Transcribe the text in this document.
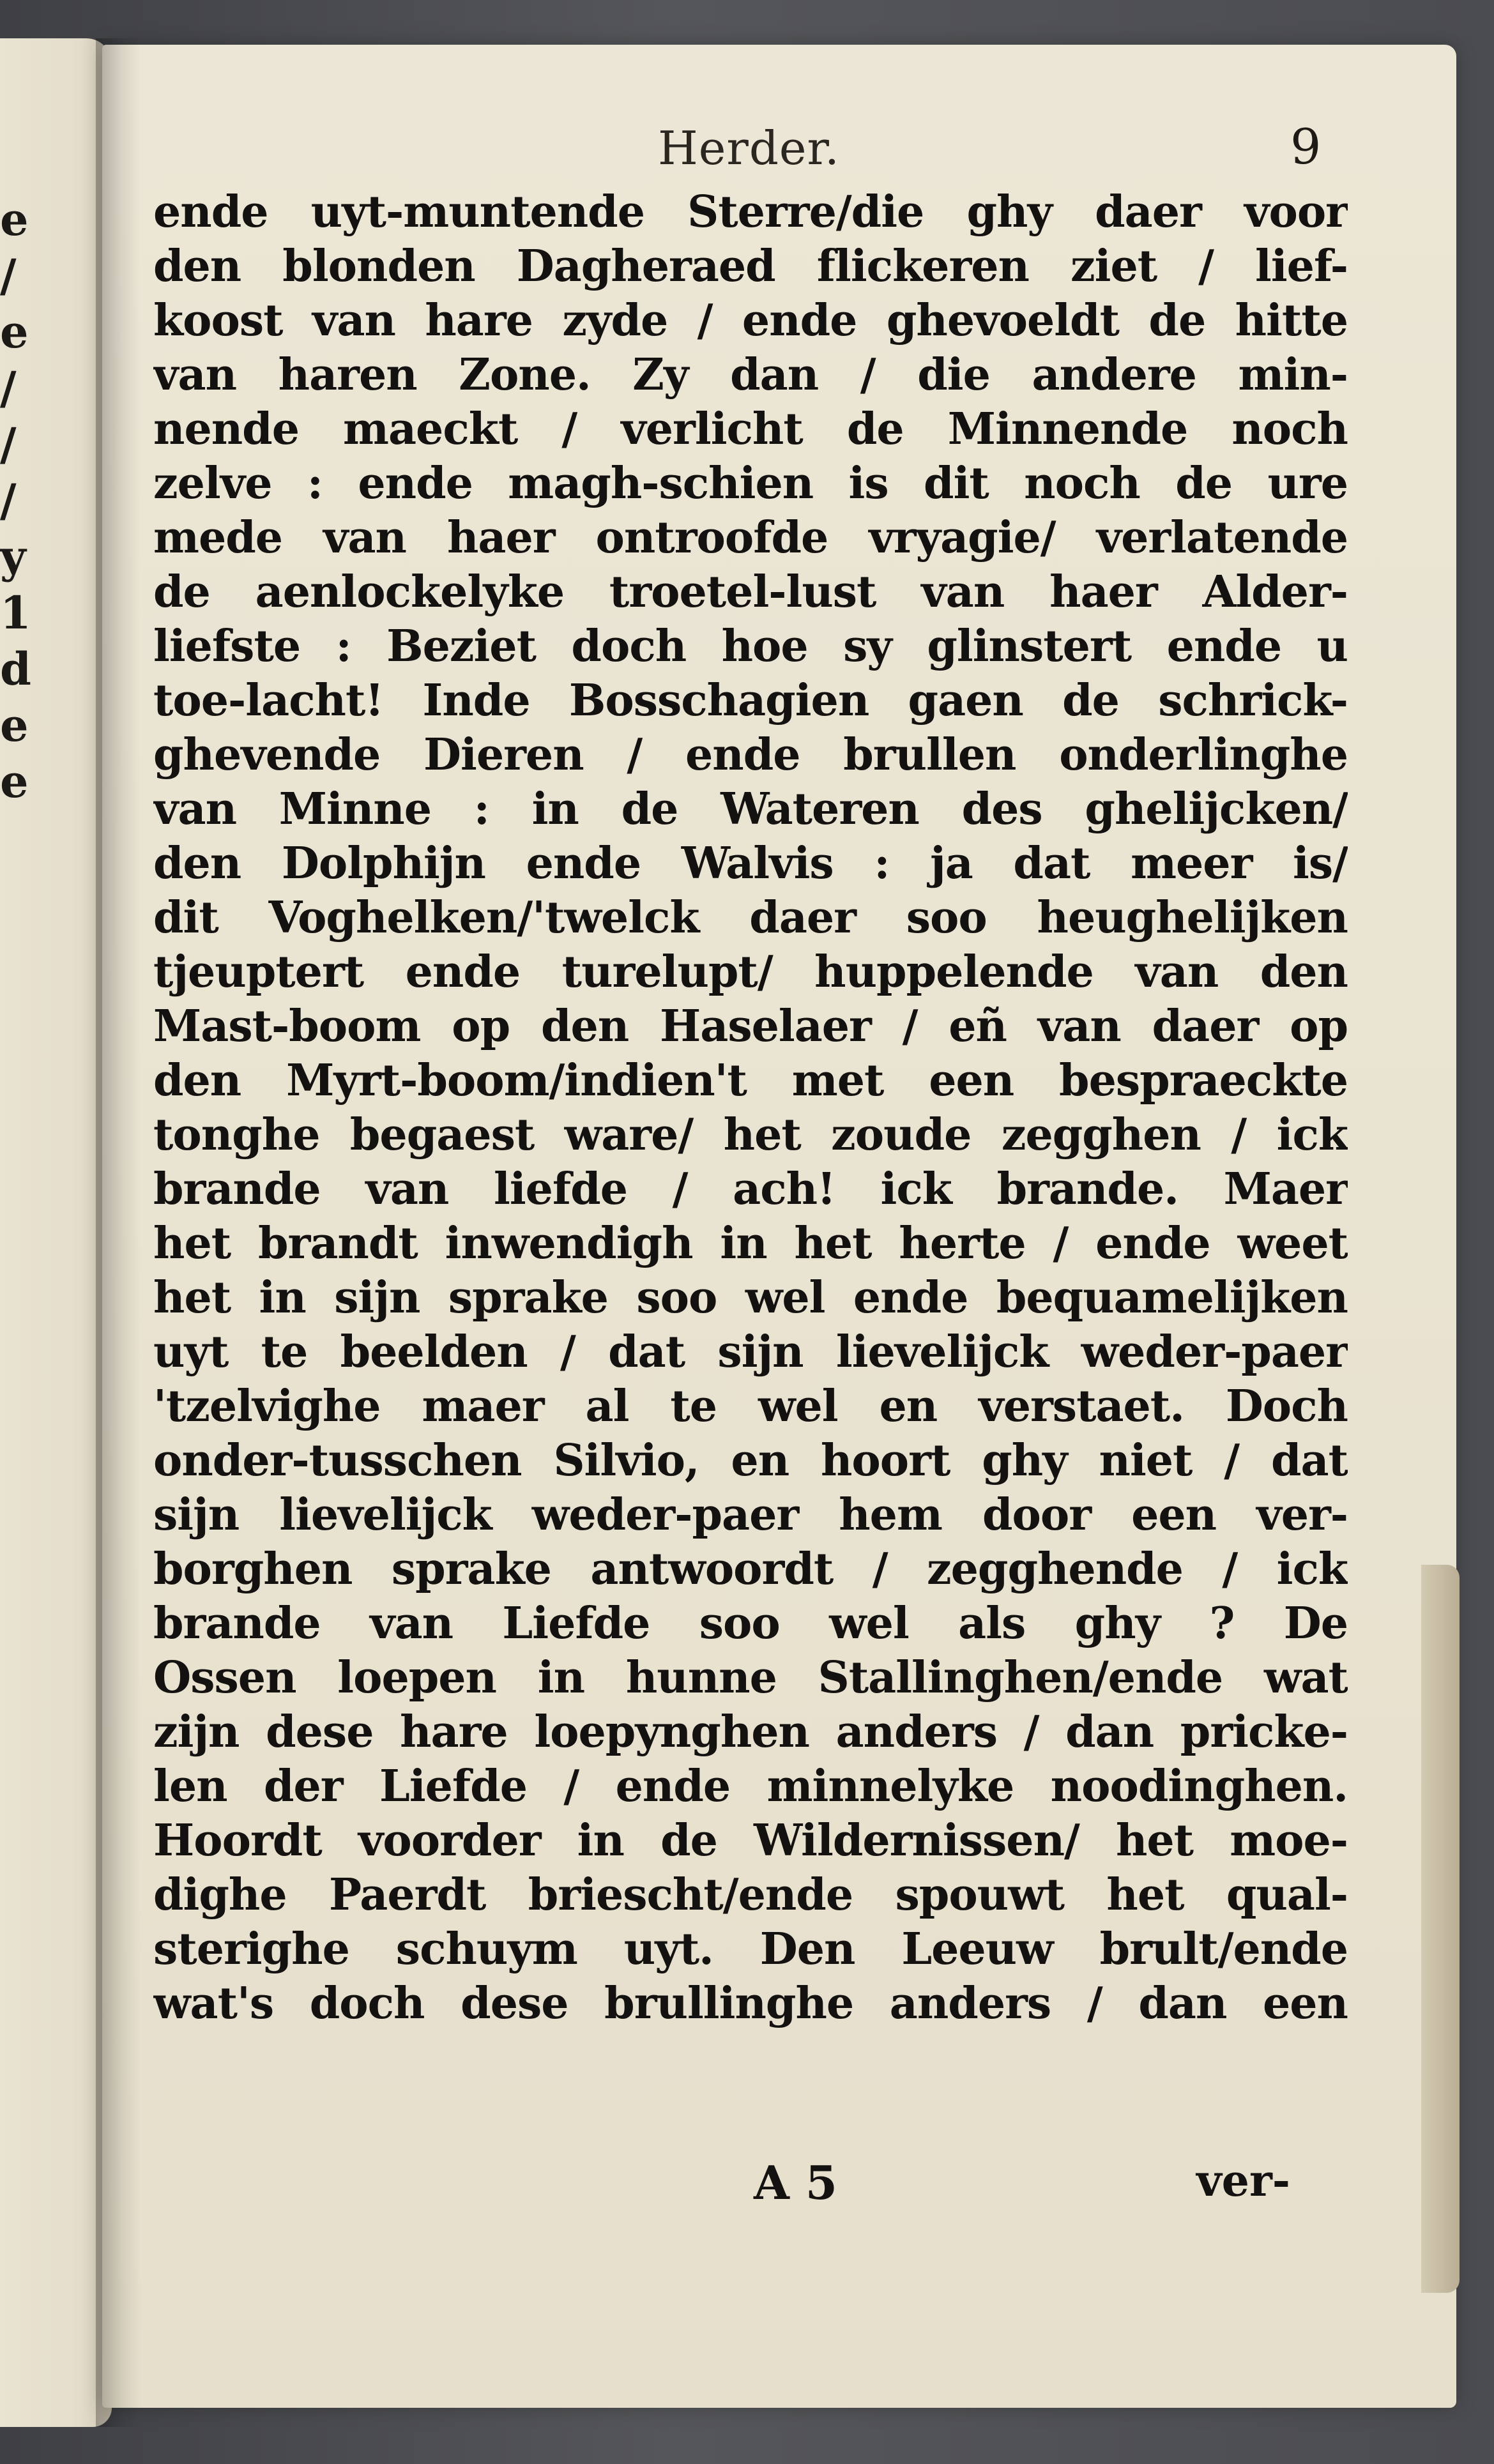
e
/
e
/
/
/
y
1
d
e
e
Herder.	9
ende uyt-muntende Sterre/die ghy daer voor
den blonden Dagheraed flickeren ziet / lief-
koost van hare zyde / ende ghevoeldt de hitte
van haren Zone. Zy dan / die andere min-
nende maeckt / verlicht de Minnende noch
zelve : ende magh-schien is dit noch de ure
mede van haer ontroofde vryagie/ verlatende
de aenlockelyke troetel-lust van haer Alder-
liefste : Beziet doch hoe sy glinstert ende u
toe-lacht! Inde Bosschagien gaen de schrick-
ghevende Dieren / ende brullen onderlinghe
van Minne : in de Wateren des ghelijcken/
den Dolphijn ende Walvis : ja dat meer is/
dit Voghelken/'twelck daer soo heughelijken
tjeuptert ende turelupt/ huppelende van den
Mast-boom op den Haselaer / eñ van daer op
den Myrt-boom/indien't met een bespraeckte
tonghe begaest ware/ het zoude zegghen / ick
brande van liefde / ach! ick brande. Maer
het brandt inwendigh in het herte / ende weet
het in sijn sprake soo wel ende bequamelijken
uyt te beelden / dat sijn lievelijck weder-paer
'tzelvighe maer al te wel en verstaet. Doch
onder-tusschen Silvio, en hoort ghy niet / dat
sijn lievelijck weder-paer hem door een ver-
borghen sprake antwoordt / zegghende / ick
brande van Liefde soo wel als ghy ? De
Ossen loepen in hunne Stallinghen/ende wat
zijn dese hare loepynghen anders / dan pricke-
len der Liefde / ende minnelyke noodinghen.
Hoordt voorder in de Wildernissen/ het moe-
dighe Paerdt briescht/ende spouwt het qual-
sterighe schuym uyt. Den Leeuw brult/ende
wat's doch dese brullinghe anders / dan een
A 5	ver-
